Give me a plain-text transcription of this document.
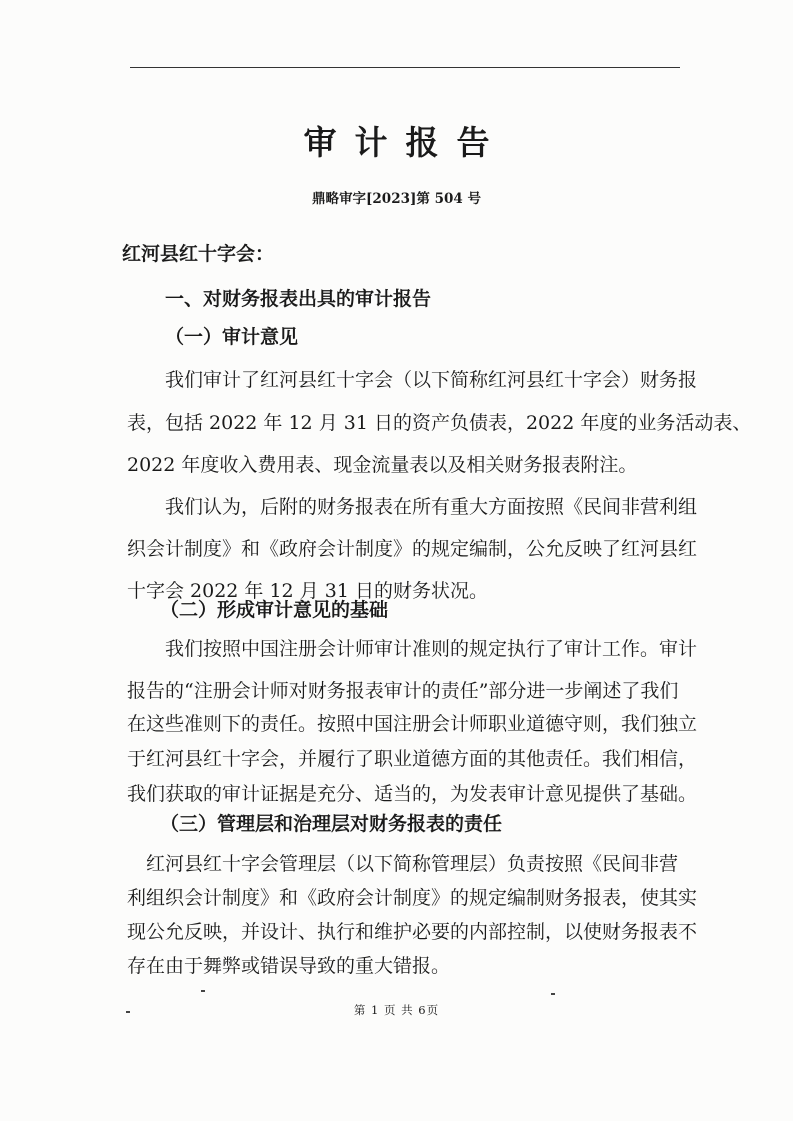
审计报告
鼎略审字[2023]第 504 号
红河县红十字会：
一、对财务报表出具的审计报告
（一）审计意见
我们审计了红河县红十字会（以下简称红河县红十字会）财务报
表，包括 2022 年 12 月 31 日的资产负债表，2022 年度的业务活动表、
2022 年度收入费用表、现金流量表以及相关财务报表附注。
我们认为，后附的财务报表在所有重大方面按照《民间非营利组
织会计制度》和《政府会计制度》的规定编制，公允反映了红河县红
十字会 2022 年 12 月 31 日的财务状况。
（二）形成审计意见的基础
我们按照中国注册会计师审计准则的规定执行了审计工作。审计
报告的“注册会计师对财务报表审计的责任”部分进一步阐述了我们
在这些准则下的责任。按照中国注册会计师职业道德守则，我们独立
于红河县红十字会，并履行了职业道德方面的其他责任。我们相信，
我们获取的审计证据是充分、适当的，为发表审计意见提供了基础。
（三）管理层和治理层对财务报表的责任
红河县红十字会管理层（以下简称管理层）负责按照《民间非营
利组织会计制度》和《政府会计制度》的规定编制财务报表，使其实
现公允反映，并设计、执行和维护必要的内部控制，以使财务报表不
存在由于舞弊或错误导致的重大错报。
第 1 页 共 6页
